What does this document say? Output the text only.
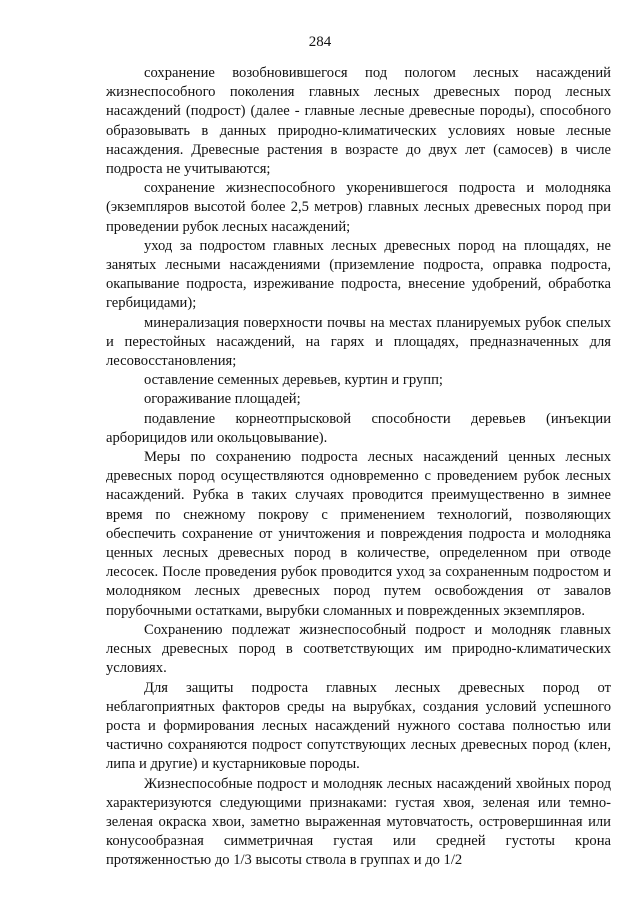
284

сохранение возобновившегося под пологом лесных насаждений жизнеспособного поколения главных лесных древесных пород лесных насаждений (подрост) (далее - главные лесные древесные породы), способного образовывать в данных природно-климатических условиях новые лесные насаждения. Древесные растения в возрасте до двух лет (самосев) в числе подроста не учитываются;

сохранение жизнеспособного укоренившегося подроста и молодняка (экземпляров высотой более 2,5 метров) главных лесных древесных пород при проведении рубок лесных насаждений;

уход за подростом главных лесных древесных пород на площадях, не занятых лесными насаждениями (приземление подроста, оправка подроста, окапывание подроста, изреживание подроста, внесение удобрений, обработка гербицидами);

минерализация поверхности почвы на местах планируемых рубок спелых и перестойных насаждений, на гарях и площадях, предназначенных для лесовосстановления;

оставление семенных деревьев, куртин и групп;

огораживание площадей;

подавление корнеотпрысковой способности деревьев (инъекции арборицидов или окольцовывание).

Меры по сохранению подроста лесных насаждений ценных лесных древесных пород осуществляются одновременно с проведением рубок лесных насаждений. Рубка в таких случаях проводится преимущественно в зимнее время по снежному покрову с применением технологий, позволяющих обеспечить сохранение от уничтожения и повреждения подроста и молодняка ценных лесных древесных пород в количестве, определенном при отводе лесосек. После проведения рубок проводится уход за сохраненным подростом и молодняком лесных древесных пород путем освобождения от завалов порубочными остатками, вырубки сломанных и поврежденных экземпляров.

Сохранению подлежат жизнеспособный подрост и молодняк главных лесных древесных пород в соответствующих им природно-климатических условиях.

Для защиты подроста главных лесных древесных пород от неблагоприятных факторов среды на вырубках, создания условий успешного роста и формирования лесных насаждений нужного состава полностью или частично сохраняются подрост сопутствующих лесных древесных пород (клен, липа и другие) и кустарниковые породы.

Жизнеспособные подрост и молодняк лесных насаждений хвойных пород характеризуются следующими признаками: густая хвоя, зеленая или темно-зеленая окраска хвои, заметно выраженная мутовчатость, островершинная или конусообразная симметричная густая или средней густоты крона протяженностью до 1/3 высоты ствола в группах и до 1/2
